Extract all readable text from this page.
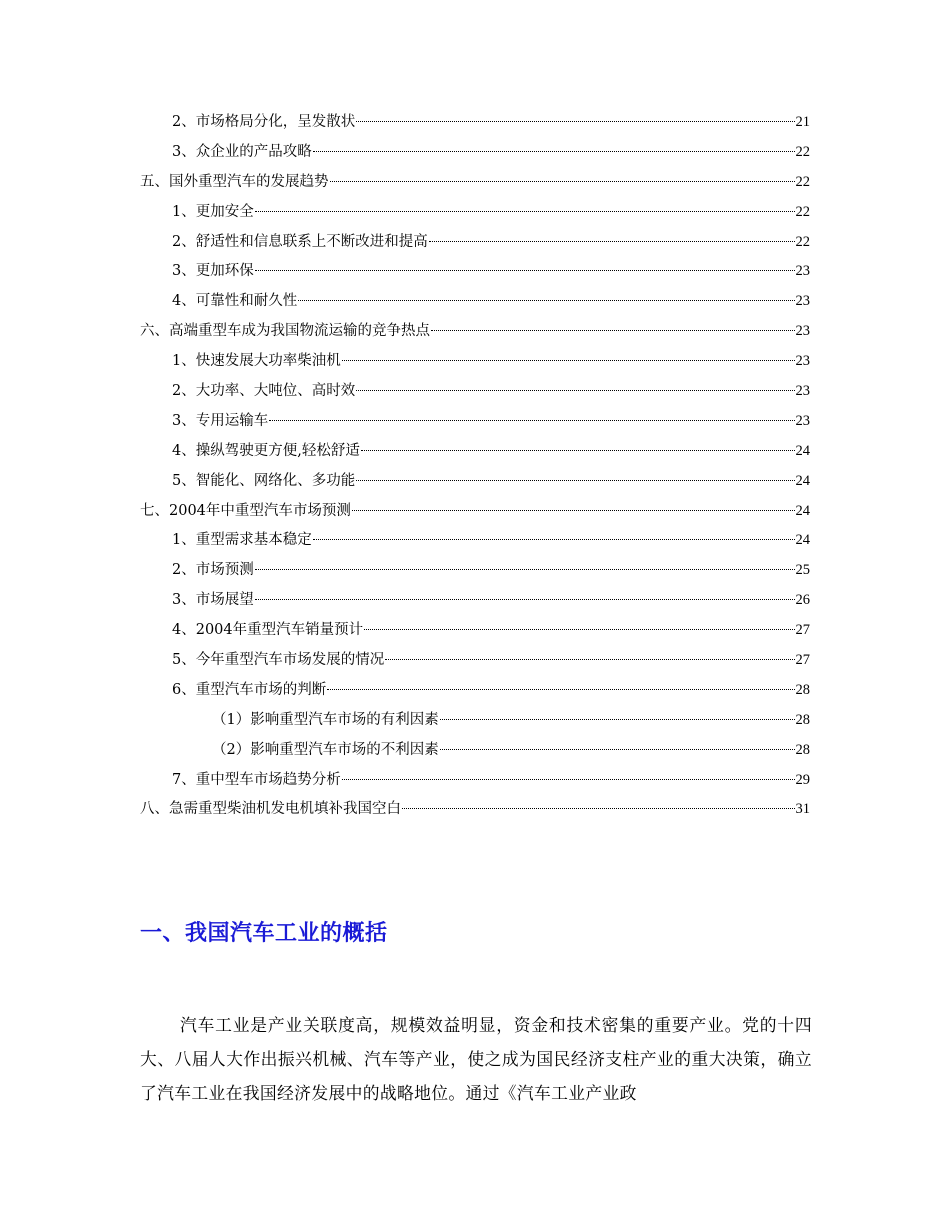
2、市场格局分化，呈发散状	21
3、众企业的产品攻略	22
五、国外重型汽车的发展趋势	22
1、更加安全	22
2、舒适性和信息联系上不断改进和提高	22
3、更加环保	23
4、可靠性和耐久性	23
六、高端重型车成为我国物流运输的竞争热点	23
1、快速发展大功率柴油机	23
2、大功率、大吨位、高时效	23
3、专用运输车	23
4、操纵驾驶更方便,轻松舒适	24
5、智能化、网络化、多功能	24
七、2004年中重型汽车市场预测	24
1、重型需求基本稳定	24
2、市场预测	25
3、市场展望	26
4、2004年重型汽车销量预计	27
5、今年重型汽车市场发展的情况	27
6、重型汽车市场的判断	28
（1）影响重型汽车市场的有利因素	28
（2）影响重型汽车市场的不利因素	28
7、重中型车市场趋势分析	29
八、急需重型柴油机发电机填补我国空白	31
一、我国汽车工业的概括

汽车工业是产业关联度高，规模效益明显，资金和技术密集的重要产业。党的十四大、八届人大作出振兴机械、汽车等产业，使之成为国民经济支柱产业的重大决策，确立了汽车工业在我国经济发展中的战略地位。通过《汽车工业产业政
